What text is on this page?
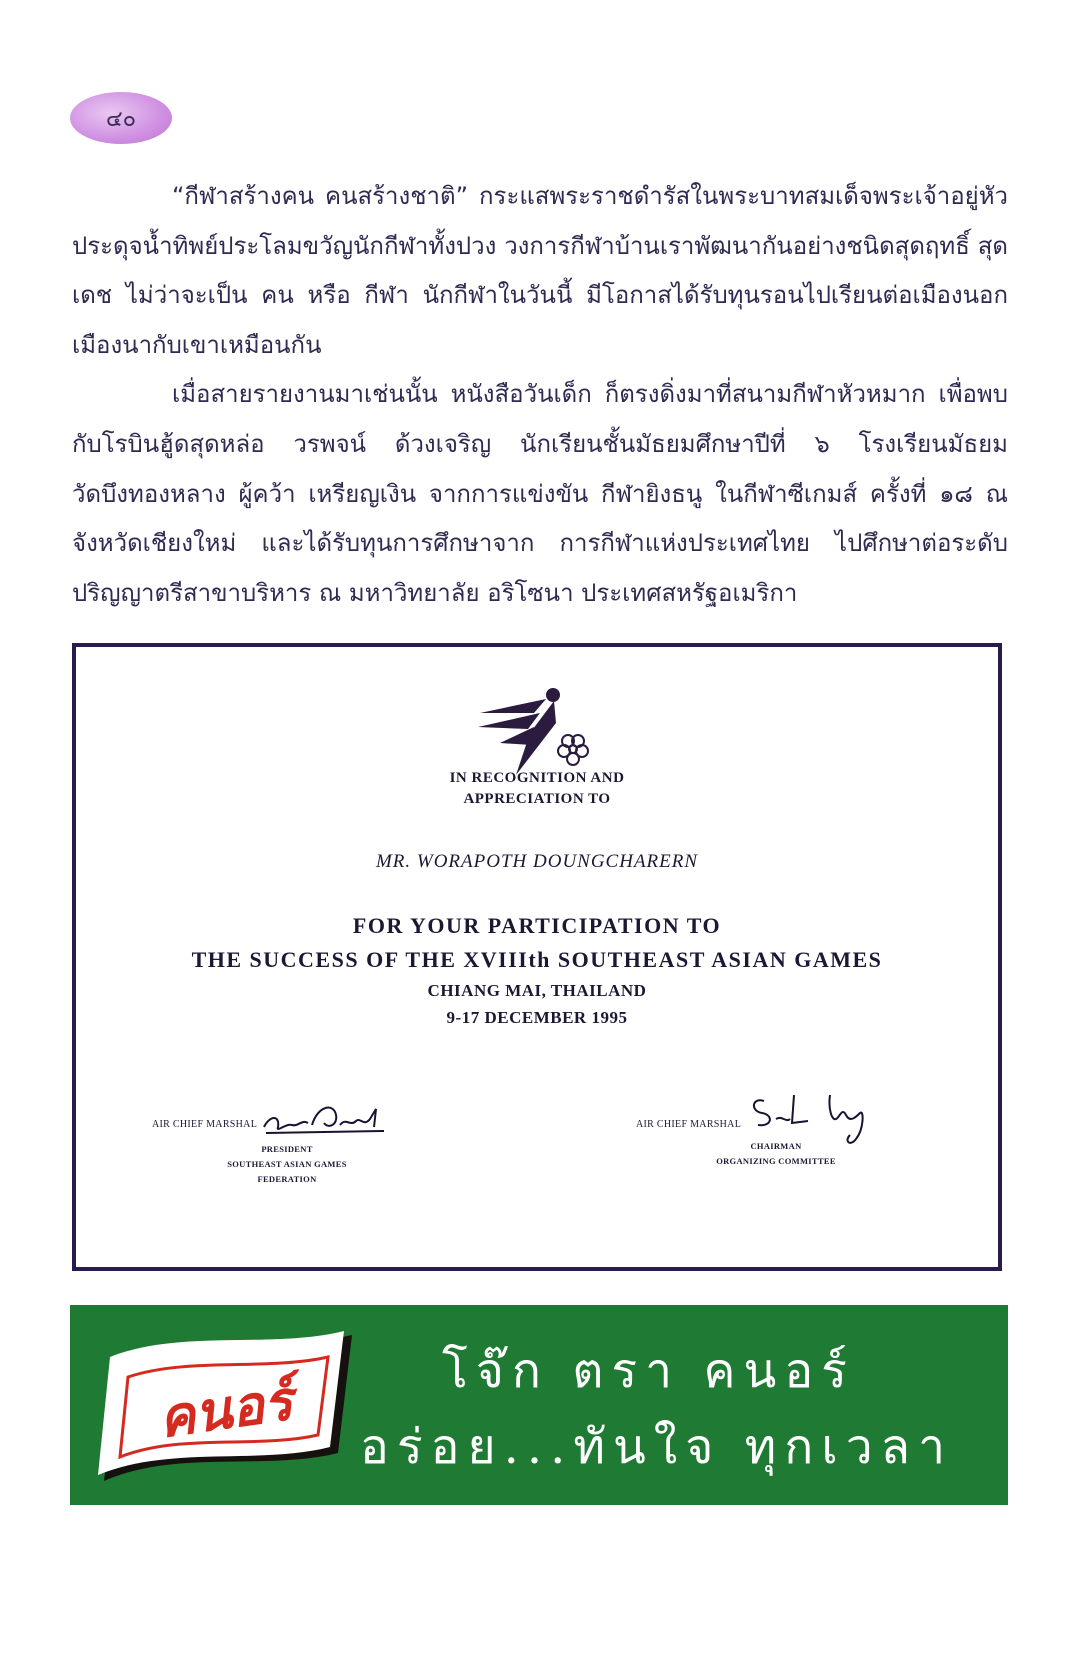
๔๐

“กีฬาสร้างคน คนสร้างชาติ” กระแสพระราชดำรัสในพระบาทสมเด็จพระเจ้าอยู่หัว ประดุจน้ำทิพย์ประโลมขวัญนักกีฬาทั้งปวง วงการกีฬาบ้านเราพัฒนากันอย่างชนิดสุดฤทธิ์ สุดเดช ไม่ว่าจะเป็น คน หรือ กีฬา นักกีฬาในวันนี้ มีโอกาสได้รับทุนรอนไปเรียนต่อเมืองนอกเมืองนากับเขาเหมือนกัน

เมื่อสายรายงานมาเช่นนั้น หนังสือวันเด็ก ก็ตรงดิ่งมาที่สนามกีฬาหัวหมาก เพื่อพบกับโรบินฮู้ดสุดหล่อ วรพจน์ ด้วงเจริญ นักเรียนชั้นมัธยมศึกษาปีที่ ๖ โรงเรียนมัธยมวัดบึงทองหลาง ผู้คว้า เหรียญเงิน จากการแข่งขัน กีฬายิงธนู ในกีฬาซีเกมส์ ครั้งที่ ๑๘ ณ จังหวัดเชียงใหม่ และได้รับทุนการศึกษาจาก การกีฬาแห่งประเทศไทย ไปศึกษาต่อระดับปริญญาตรีสาขาบริหาร ณ มหาวิทยาลัย อริโซนา ประเทศสหรัฐอเมริกา

IN RECOGNITION AND
APPRECIATION TO
MR. WORAPOTH DOUNGCHARERN
FOR YOUR PARTICIPATION TO
THE SUCCESS OF THE XVIIIth SOUTHEAST ASIAN GAMES
CHIANG MAI, THAILAND
9-17 DECEMBER 1995
AIR CHIEF MARSHAL
PRESIDENT
SOUTHEAST ASIAN GAMES
FEDERATION
AIR CHIEF MARSHAL
CHAIRMAN
ORGANIZING COMMITTEE
คนอร์	โจ๊ก ตรา คนอร์
อร่อย...ทันใจ ทุกเวลา
